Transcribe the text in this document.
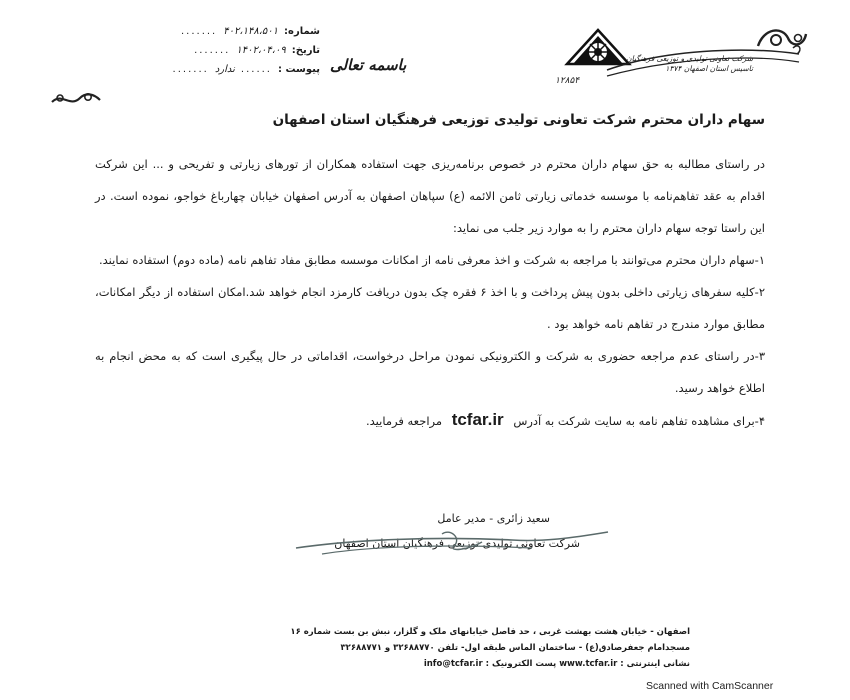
شماره:
۴۰۲،۱۴۸،۵۰۱
.......
تاریخ:
۱۴۰۲،۰۴،۰۹
.......
پیوست :
......
ندارد
.......	باسمه تعالی	شرکت تعاونی تولیدی و توزیعی فرهنگیان
تاسیس استان اصفهان ۱۳۷۴
۱۲۸۵۴
سهام داران محترم شرکت تعاونی تولیدی توزیعی فرهنگیان استان اصفهان

در راستای مطالبه به حق سهام داران محترم در خصوص برنامه‌ریزی جهت استفاده همکاران از تورهای زیارتی و تفریحی و ... این شرکت اقدام به عقد تفاهم‌نامه با موسسه خدماتی زیارتی ثامن الائمه (ع) سپاهان اصفهان به آدرس اصفهان خیابان چهارباغ خواجو، نموده است. در این راستا توجه سهام داران محترم را به موارد زیر جلب می نماید:

۱-سهام داران محترم می‌توانند با مراجعه به شرکت و اخذ معرفی نامه از امکانات موسسه مطابق مفاد تفاهم نامه (ماده دوم) استفاده نمایند.

۲-کلیه سفرهای زیارتی داخلی بدون پیش پرداخت و با اخذ ۶ فقره چک بدون دریافت کارمزد انجام خواهد شد.امکان استفاده از دیگر امکانات، مطابق موارد مندرج در تفاهم نامه خواهد بود .

۳-در راستای عدم مراجعه حضوری به شرکت و الکترونیکی نمودن مراحل درخواست، اقداماتی در حال پیگیری است که به محض انجام به اطلاع خواهد رسید.

۴-برای مشاهده تفاهم نامه به سایت شرکت به آدرس tcfar.ir مراجعه فرمایید.

سعید زائری - مدیر عامل
شرکت تعاونی تولیدی توزیعی فرهنگیان استان اصفهان
اصفهان - خیابان هشت بهشت غربی ، حد فاصل خیابانهای ملک و گلزار، نبش بن بست شماره ۱۶
مسجدامام جعفرصادق(ع) - ساختمان الماس طبقه اول- تلفن ۳۲۶۸۸۷۷۰ و ۳۲۶۸۸۷۷۱
نشانی اینترنتی : www.tcfar.ir پست الکترونیک : info@tcfar.ir
Scanned with CamScanner
